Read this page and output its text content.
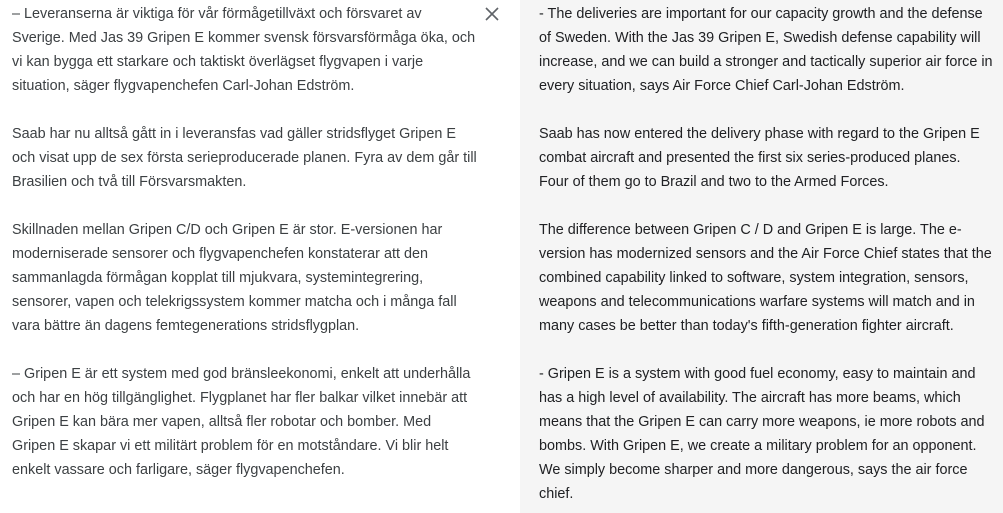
– Leveranserna är viktiga för vår förmågetillväxt och försvaret av Sverige. Med Jas 39 Gripen E kommer svensk försvarsförmåga öka, och vi kan bygga ett starkare och taktiskt överlägset flygvapen i varje situation, säger flygvapenchefen Carl-Johan Edström.

Saab har nu alltså gått in i leveransfas vad gäller stridsflyget Gripen E och visat upp de sex första serieproducerade planen. Fyra av dem går till Brasilien och två till Försvarsmakten.

Skillnaden mellan Gripen C/D och Gripen E är stor. E-versionen har moderniserade sensorer och flygvapenchefen konstaterar att den sammanlagda förmågan kopplat till mjukvara, systemintegrering, sensorer, vapen och telekrigssystem kommer matcha och i många fall vara bättre än dagens femtegenerations stridsflygplan.

– Gripen E är ett system med god bränsleekonomi, enkelt att underhålla och har en hög tillgänglighet. Flygplanet har fler balkar vilket innebär att Gripen E kan bära mer vapen, alltså fler robotar och bomber. Med Gripen E skapar vi ett militärt problem för en motståndare. Vi blir helt enkelt vassare och farligare, säger flygvapenchefen.

- The deliveries are important for our capacity growth and the defense of Sweden. With the Jas 39 Gripen E, Swedish defense capability will increase, and we can build a stronger and tactically superior air force in every situation, says Air Force Chief Carl-Johan Edström.

Saab has now entered the delivery phase with regard to the Gripen E combat aircraft and presented the first six series-produced planes. Four of them go to Brazil and two to the Armed Forces.

The difference between Gripen C / D and Gripen E is large. The e-version has modernized sensors and the Air Force Chief states that the combined capability linked to software, system integration, sensors, weapons and telecommunications warfare systems will match and in many cases be better than today's fifth-generation fighter aircraft.

- Gripen E is a system with good fuel economy, easy to maintain and has a high level of availability. The aircraft has more beams, which means that the Gripen E can carry more weapons, ie more robots and bombs. With Gripen E, we create a military problem for an opponent. We simply become sharper and more dangerous, says the air force chief.
